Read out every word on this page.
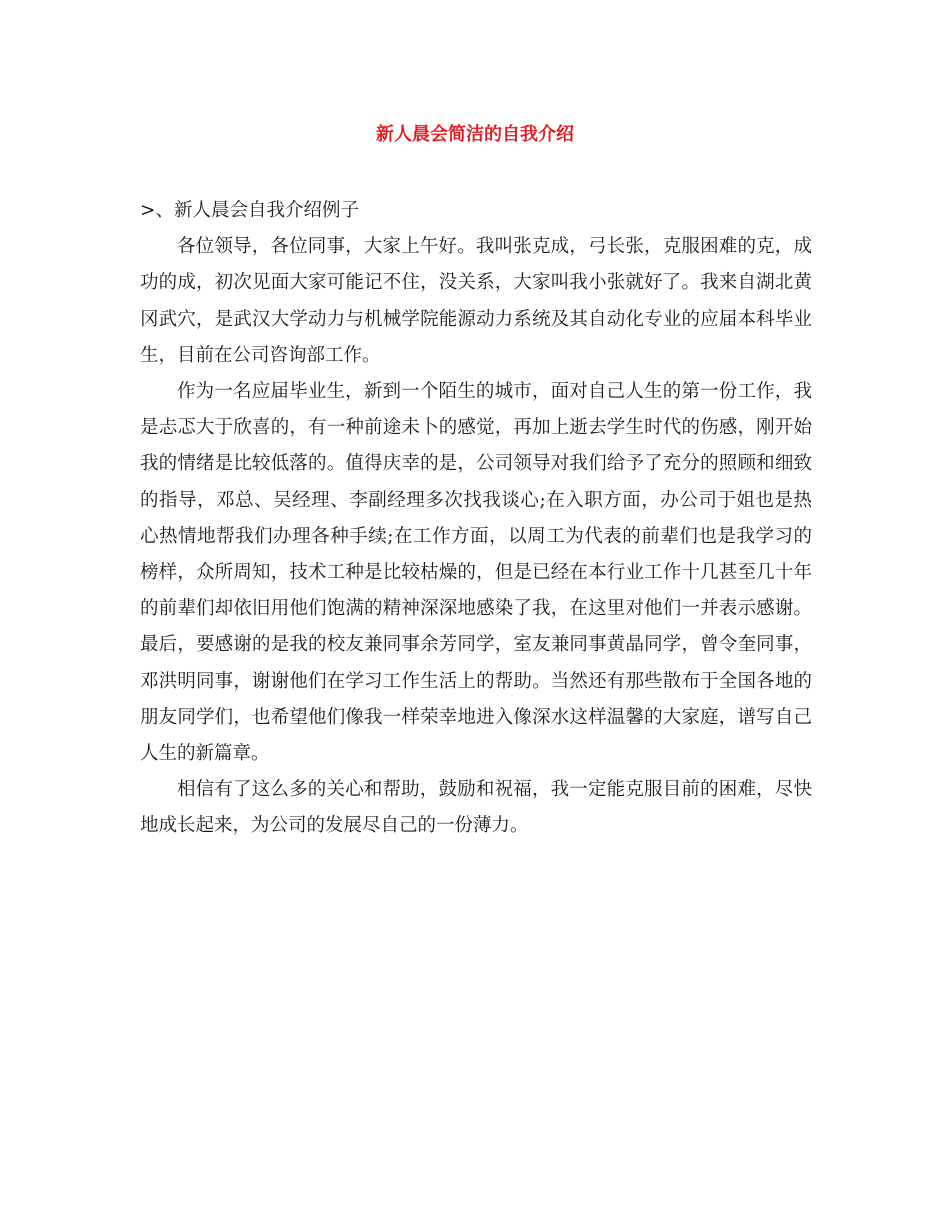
新人晨会简洁的自我介绍

>、新人晨会自我介绍例子

各位领导，各位同事，大家上午好。我叫张克成，弓长张，克服困难的克，成功的成，初次见面大家可能记不住，没关系，大家叫我小张就好了。我来自湖北黄冈武穴，是武汉大学动力与机械学院能源动力系统及其自动化专业的应届本科毕业生，目前在公司咨询部工作。

作为一名应届毕业生，新到一个陌生的城市，面对自己人生的第一份工作，我是忐忑大于欣喜的，有一种前途未卜的感觉，再加上逝去学生时代的伤感，刚开始我的情绪是比较低落的。值得庆幸的是，公司领导对我们给予了充分的照顾和细致的指导，邓总、吴经理、李副经理多次找我谈心;在入职方面，办公司于姐也是热心热情地帮我们办理各种手续;在工作方面，以周工为代表的前辈们也是我学习的榜样，众所周知，技术工种是比较枯燥的，但是已经在本行业工作十几甚至几十年的前辈们却依旧用他们饱满的精神深深地感染了我，在这里对他们一并表示感谢。最后，要感谢的是我的校友兼同事余芳同学，室友兼同事黄晶同学，曾令奎同事，邓洪明同事，谢谢他们在学习工作生活上的帮助。当然还有那些散布于全国各地的朋友同学们，也希望他们像我一样荣幸地进入像深水这样温馨的大家庭，谱写自己人生的新篇章。

相信有了这么多的关心和帮助，鼓励和祝福，我一定能克服目前的困难，尽快地成长起来，为公司的发展尽自己的一份薄力。
